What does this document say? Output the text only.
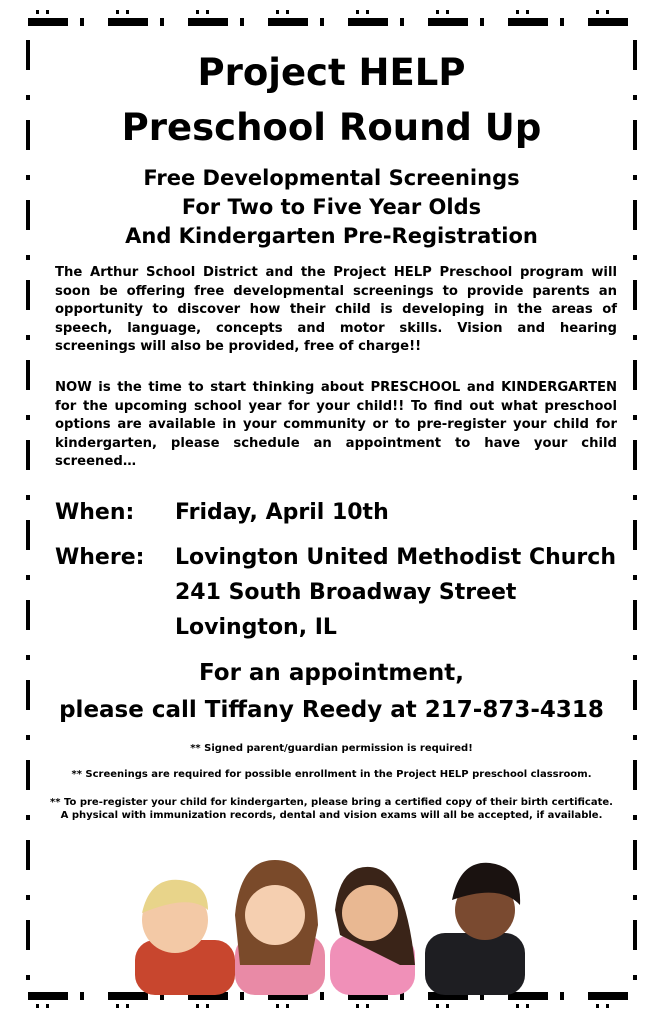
Project HELP
Preschool Round Up
Free Developmental Screenings
For Two to Five Year Olds
And Kindergarten Pre-Registration
The Arthur School District and the Project HELP Preschool program will soon be offering free developmental screenings to provide parents an opportunity to discover how their child is developing in the areas of speech, language, concepts and motor skills. Vision and hearing screenings will also be provided, free of charge!!
NOW is the time to start thinking about PRESCHOOL and KINDERGARTEN for the upcoming school year for your child!! To find out what preschool options are available in your community or to pre-register your child for kindergarten, please schedule an appointment to have your child screened…
When:	Friday, April 10th
Where:	Lovington United Methodist Church
241 South Broadway Street
Lovington, IL
For an appointment,
please call Tiffany Reedy at 217-873-4318
** Signed parent/guardian permission is required!
** Screenings are required for possible enrollment in the Project HELP preschool classroom.
** To pre-register your child for kindergarten, please bring a certified copy of their birth certificate.
A physical with immunization records, dental and vision exams will all be accepted, if available.
